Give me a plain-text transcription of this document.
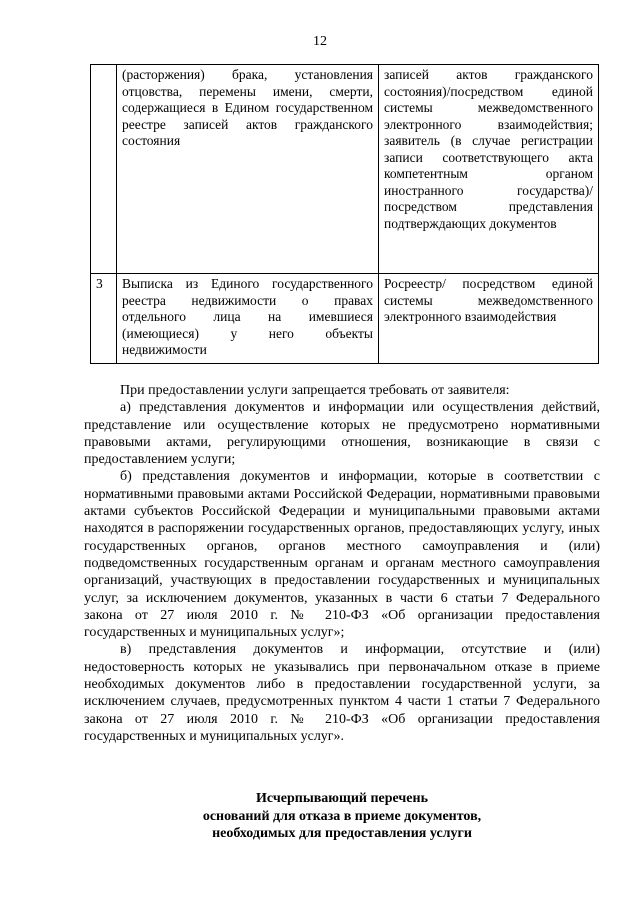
12

	(расторжения) брака, установления отцовства, перемены имени, смерти, содержащиеся в Едином государственном реестре записей актов гражданского состояния	записей актов гражданского состояния)/посредством единой системы межведомственного электронного взаимодействия; заявитель (в случае регистрации записи соответствующего акта компетентным органом иностранного государства)/ посредством представления подтверждающих документов

3	Выписка из Единого государственного реестра недвижимости о правах отдельного лица на имевшиеся (имеющиеся) у него объекты недвижимости	Росреестр/ посредством единой системы межведомственного электронного взаимодействия

При предоставлении услуги запрещается требовать от заявителя:

а) представления документов и информации или осуществления действий, представление или осуществление которых не предусмотрено нормативными правовыми актами, регулирующими отношения, возникающие в связи с предоставлением услуги;

б) представления документов и информации, которые в соответствии с нормативными правовыми актами Российской Федерации, нормативными правовыми актами субъектов Российской Федерации и муниципальными правовыми актами находятся в распоряжении государственных органов, предоставляющих услугу, иных государственных органов, органов местного самоуправления и (или) подведомственных государственным органам и органам местного самоуправления организаций, участвующих в предоставлении государственных и муниципальных услуг, за исключением документов, указанных в части 6 статьи 7 Федерального закона от 27 июля 2010 г. № 210-ФЗ «Об организации предоставления государственных и муниципальных услуг»;

в) представления документов и информации, отсутствие и (или) недостоверность которых не указывались при первоначальном отказе в приеме необходимых документов либо в предоставлении государственной услуги, за исключением случаев, предусмотренных пунктом 4 части 1 статьи 7 Федерального закона от 27 июля 2010 г. № 210-ФЗ «Об организации предоставления государственных и муниципальных услуг».

Исчерпывающий перечень
оснований для отказа в приеме документов,
необходимых для предоставления услуги
